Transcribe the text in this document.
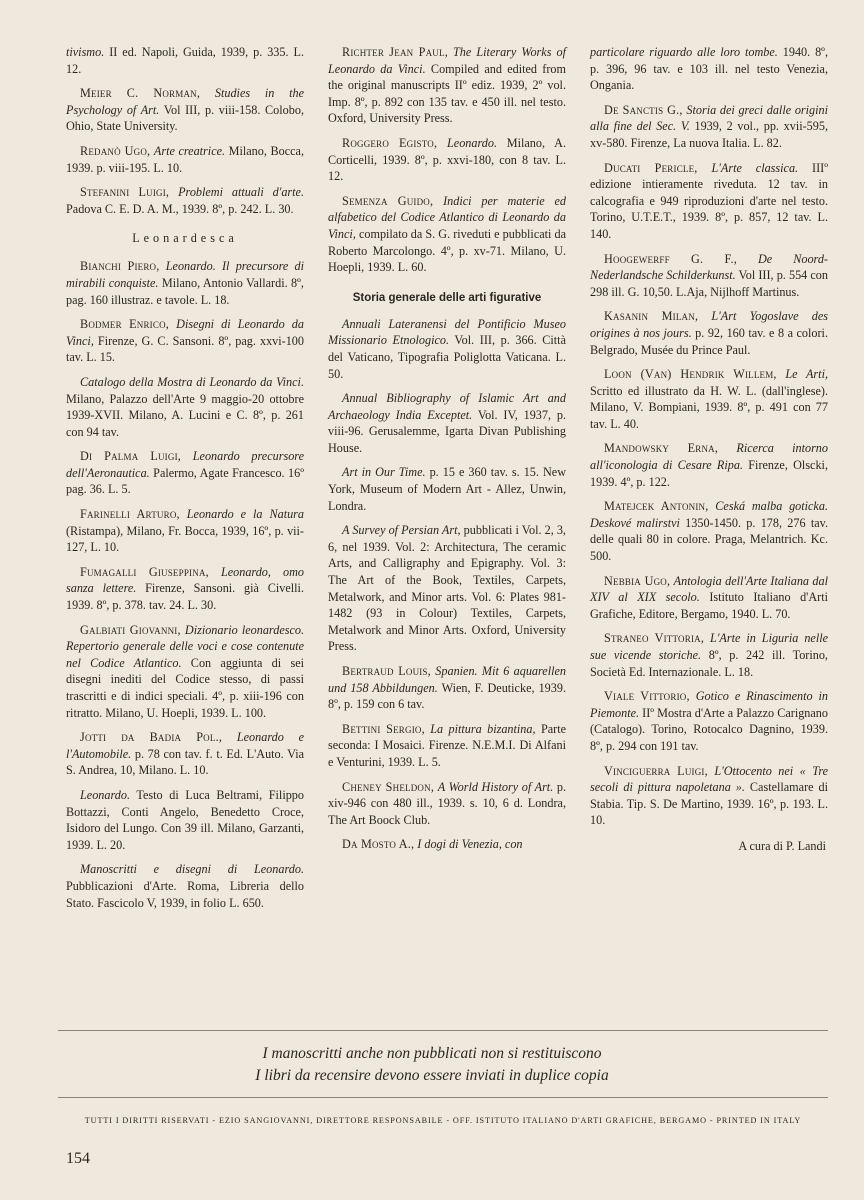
tivismo. II ed. Napoli, Guida, 1939, p. 335. L. 12.

Meier C. Norman, Studies in the Psychology of Art. Vol III, p. viii-158. Colobo, Ohio, State University.

Redanò Ugo, Arte creatrice. Milano, Bocca, 1939. p. viii-195. L. 10.

Stefanini Luigi, Problemi attuali d'arte. Padova C. E. D. A. M., 1939. 8º, p. 242. L. 30.

Leonardesca

Bianchi Piero, Leonardo. Il precursore di mirabili conquiste. Milano, Antonio Vallardi. 8º, pag. 160 illustraz. e tavole. L. 18.

Bodmer Enrico, Disegni di Leonardo da Vinci, Firenze, G. C. Sansoni. 8º, pag. xxvi-100 tav. L. 15.

Catalogo della Mostra di Leonardo da Vinci. Milano, Palazzo dell'Arte 9 maggio-20 ottobre 1939-XVII. Milano, A. Lucini e C. 8º, p. 261 con 94 tav.

Di Palma Luigi, Leonardo precursore dell'Aeronautica. Palermo, Agate Francesco. 16º pag. 36. L. 5.

Farinelli Arturo, Leonardo e la Natura (Ristampa), Milano, Fr. Bocca, 1939, 16º, p. vii-127, L. 10.

Fumagalli Giuseppina, Leonardo, omo sanza lettere. Firenze, Sansoni. già Civelli. 1939. 8º, p. 378. tav. 24. L. 30.

Galbiati Giovanni, Dizionario leonardesco. Repertorio generale delle voci e cose contenute nel Codice Atlantico. Con aggiunta di sei disegni inediti del Codice stesso, di passi trascritti e di indici speciali. 4º, p. xiii-196 con ritratto. Milano, U. Hoepli, 1939. L. 100.

Jotti da Badia Pol., Leonardo e l'Automobile. p. 78 con tav. f. t. Ed. L'Auto. Via S. Andrea, 10, Milano. L. 10.

Leonardo. Testo di Luca Beltrami, Filippo Bottazzi, Conti Angelo, Benedetto Croce, Isidoro del Lungo. Con 39 ill. Milano, Garzanti, 1939. L. 20.

Manoscritti e disegni di Leonardo. Pubblicazioni d'Arte. Roma, Libreria dello Stato. Fascicolo V, 1939, in folio L. 650.

Richter Jean Paul, The Literary Works of Leonardo da Vinci. Compiled and edited from the original manuscripts IIº ediz. 1939, 2º vol. Imp. 8º, p. 892 con 135 tav. e 450 ill. nel testo. Oxford, University Press.

Roggero Egisto, Leonardo. Milano, A. Corticelli, 1939. 8º, p. xxvi-180, con 8 tav. L. 12.

Semenza Guido, Indici per materie ed alfabetico del Codice Atlantico di Leonardo da Vinci, compilato da S. G. riveduti e pubblicati da Roberto Marcolongo. 4º, p. xv-71. Milano, U. Hoepli, 1939. L. 60.

Storia generale delle arti figurative

Annuali Lateranensi del Pontificio Museo Missionario Etnologico. Vol. III, p. 366. Città del Vaticano, Tipografia Poliglotta Vaticana. L. 50.

Annual Bibliography of Islamic Art and Archaeology India Exceptet. Vol. IV, 1937, p. viii-96. Gerusalemme, Igarta Divan Publishing House.

Art in Our Time. p. 15 e 360 tav. s. 15. New York, Museum of Modern Art - Allez, Unwin, Londra.

A Survey of Persian Art, pubblicati i Vol. 2, 3, 6, nel 1939. Vol. 2: Architectura, The ceramic Arts, and Calligraphy and Epigraphy. Vol. 3: The Art of the Book, Textiles, Carpets, Metalwork, and Minor arts. Vol. 6: Plates 981-1482 (93 in Colour) Textiles, Carpets, Metalwork and Minor Arts. Oxford, University Press.

Bertraud Louis, Spanien. Mit 6 aquarellen und 158 Abbildungen. Wien, F. Deuticke, 1939. 8º, p. 159 con 6 tav.

Bettini Sergio, La pittura bizantina, Parte seconda: I Mosaici. Firenze. N.E.M.I. Di Alfani e Venturini, 1939. L. 5.

Cheney Sheldon, A World History of Art. p. xiv-946 con 480 ill., 1939. s. 10, 6 d. Londra, The Art Boock Club.

Da Mosto A., I dogi di Venezia, con

particolare riguardo alle loro tombe. 1940. 8º, p. 396, 96 tav. e 103 ill. nel testo Venezia, Ongania.

De Sanctis G., Storia dei greci dalle origini alla fine del Sec. V. 1939, 2 vol., pp. xvii-595, xv-580. Firenze, La nuova Italia. L. 82.

Ducati Pericle, L'Arte classica. IIIº edizione intieramente riveduta. 12 tav. in calcografia e 949 riproduzioni d'arte nel testo. Torino, U.T.E.T., 1939. 8º, p. 857, 12 tav. L. 140.

Hoogewerff G. F., De Noord-Nederlandsche Schilderkunst. Vol III, p. 554 con 298 ill. G. 10,50. L.Aja, Nijlhoff Martinus.

Kasanin Milan, L'Art Yogoslave des origines à nos jours. p. 92, 160 tav. e 8 a colori. Belgrado, Musée du Prince Paul.

Loon (Van) Hendrik Willem, Le Arti, Scritto ed illustrato da H. W. L. (dall'inglese). Milano, V. Bompiani, 1939. 8º, p. 491 con 77 tav. L. 40.

Mandowsky Erna, Ricerca intorno all'iconologia di Cesare Ripa. Firenze, Olscki, 1939. 4º, p. 122.

Matejcek Antonin, Ceská malba goticka. Deskové malirstvi 1350-1450. p. 178, 276 tav. delle quali 80 in colore. Praga, Melantrich. Kc. 500.

Nebbia Ugo, Antologia dell'Arte Italiana dal XIV al XIX secolo. Istituto Italiano d'Arti Grafiche, Editore, Bergamo, 1940. L. 70.

Straneo Vittoria, L'Arte in Liguria nelle sue vicende storiche. 8º, p. 242 ill. Torino, Società Ed. Internazionale. L. 18.

Viale Vittorio, Gotico e Rinascimento in Piemonte. IIº Mostra d'Arte a Palazzo Carignano (Catalogo). Torino, Rotocalco Dagnino, 1939. 8º, p. 294 con 191 tav.

Vinciguerra Luigi, L'Ottocento nei « Tre secoli di pittura napoletana ». Castellamare di Stabia. Tip. S. De Martino, 1939. 16º, p. 193. L. 10.

A cura di P. Landi
I manoscritti anche non pubblicati non si restituiscono
I libri da recensire devono essere inviati in duplice copia
TUTTI I DIRITTI RISERVATI - EZIO SANGIOVANNI, DIRETTORE RESPONSABILE - OFF. ISTITUTO ITALIANO D'ARTI GRAFICHE, BERGAMO - PRINTED IN ITALY
154
